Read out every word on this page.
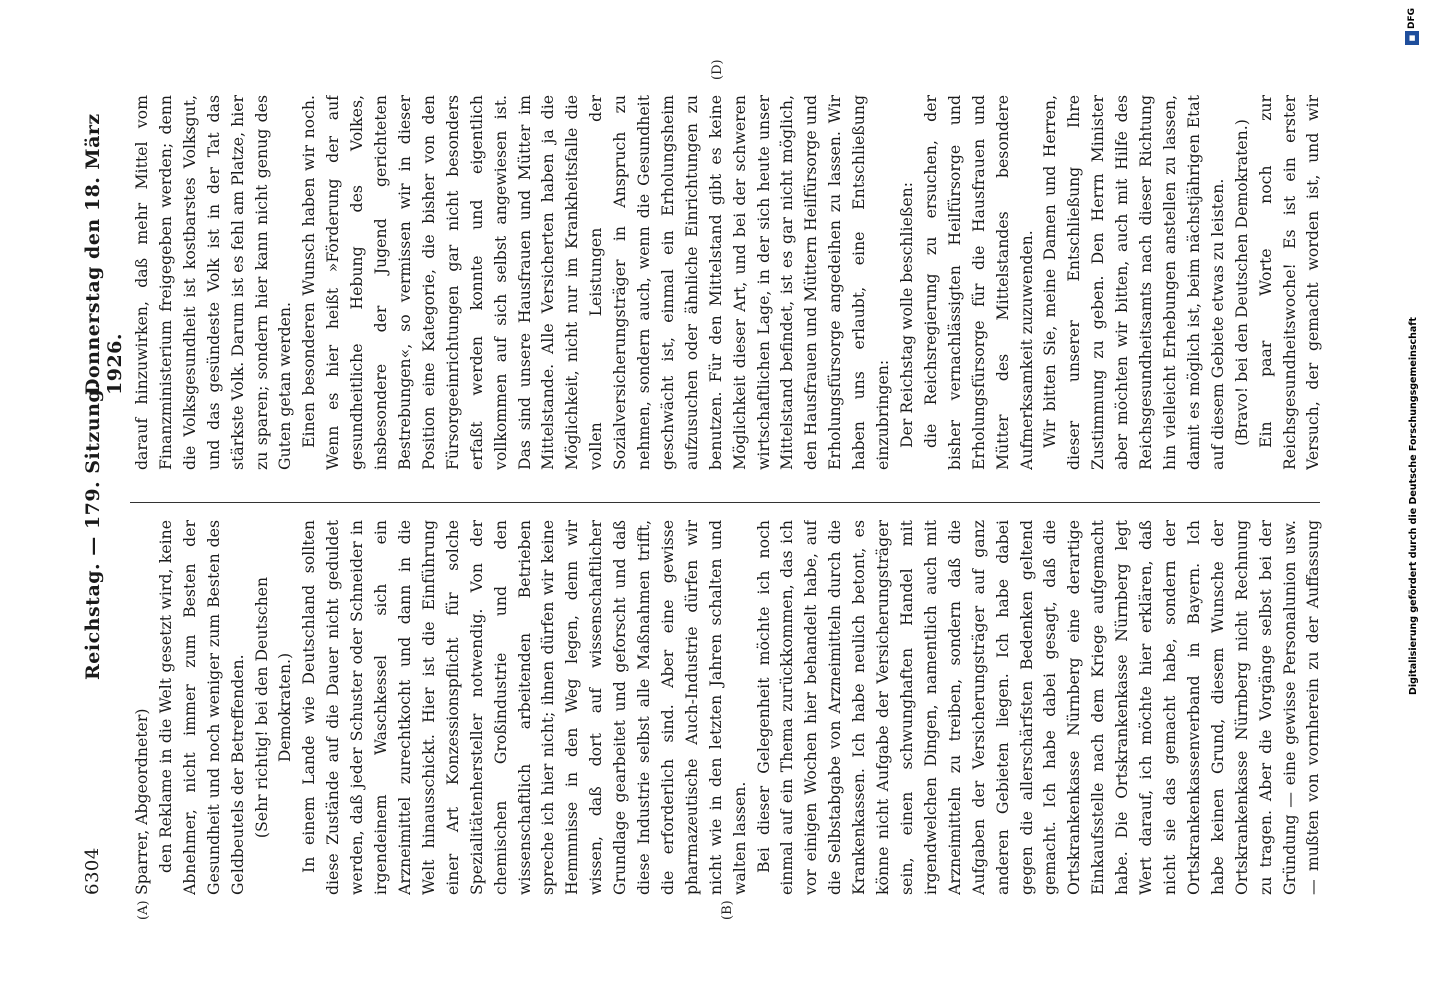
6304
Reichstag. — 179. Sitzung.
Donnerstag den 18. März 1926.
(A)	(B)
(D)

Sparrer, Abgeordneter) den Reklame in die Welt gesetzt wird, keine Abnehmer, nicht immer zum Besten der Gesundheit und noch weniger zum Besten des Geldbeutels der Betreffenden. (Sehr richtig! bei den Deutschen Demokraten.) In einem Lande wie Deutschland sollten diese Zustände auf die Dauer nicht geduldet werden, daß jeder Schuster oder Schneider in irgendeinem Waschkessel sich ein Arzneimittel zurechtkocht und dann in die Welt hinausschickt. Hier ist die Einführung einer Art Konzessionspflicht für solche Spezialitätenhersteller notwendig. Von der chemischen Großindustrie und den wissenschaftlich arbeitenden Betrieben spreche ich hier nicht; ihnen dürfen wir keine Hemmnisse in den Weg legen, denn wir wissen, daß dort auf wissenschaftlicher Grundlage gearbeitet und geforscht und daß diese Industrie selbst alle Maßnahmen trifft, die erforderlich sind. Aber eine gewisse pharmazeutische Auch-Industrie dürfen wir nicht wie in den letzten Jahren schalten und walten lassen. Bei dieser Gelegenheit möchte ich noch einmal auf ein Thema zurückkommen, das ich vor einigen Wochen hier behandelt habe, auf die Selbstabgabe von Arzneimitteln durch die Krankenkassen. Ich habe neulich betont, es könne nicht Aufgabe der Versicherungsträger sein, einen schwunghaften Handel mit irgendwelchen Dingen, namentlich auch mit Arzneimitteln zu treiben, sondern daß die Aufgaben der Versicherungsträger auf ganz anderen Gebieten liegen. Ich habe dabei gegen die allerschärfsten Bedenken geltend gemacht. Ich habe dabei gesagt, daß die Ortskrankenkasse Nürnberg eine derartige Einkaufsstelle nach dem Kriege aufgemacht habe. Die Ortskrankenkasse Nürnberg legt Wert darauf, ich möchte hier erklären, daß nicht sie das gemacht habe, sondern der Ortskrankenkassenverband in Bayern. Ich habe keinen Grund, diesem Wunsche der Ortskrankenkasse Nürnberg nicht Rechnung zu tragen. Aber die Vorgänge selbst bei der Gründung — eine gewisse Personalunion usw. — mußten von vornherein zu der Auffassung

darauf hinzuwirken, daß mehr Mittel vom Finanzministerium freigegeben werden; denn die Volksgesundheit ist kostbarstes Volksgut, und das gesündeste Volk ist in der Tat das stärkste Volk. Darum ist es fehl am Platze, hier zu sparen; sondern hier kann nicht genug des Guten getan werden. Einen besonderen Wunsch haben wir noch. Wenn es hier heißt »Förderung der auf gesundheitliche Hebung des Volkes, insbesondere der Jugend gerichteten Bestrebungen«, so vermissen wir in dieser Position eine Kategorie, die bisher von den Fürsorgeeinrichtungen gar nicht besonders erfaßt werden konnte und eigentlich vollkommen auf sich selbst angewiesen ist. Das sind unsere Hausfrauen und Mütter im Mittelstande. Alle Versicherten haben ja die Möglichkeit, nicht nur im Krankheitsfalle die vollen Leistungen der Sozialversicherungsträger in Anspruch zu nehmen, sondern auch, wenn die Gesundheit geschwächt ist, einmal ein Erholungsheim aufzusuchen oder ähnliche Einrichtungen zu benutzen. Für den Mittelstand gibt es keine Möglichkeit dieser Art, und bei der schweren wirtschaftlichen Lage, in der sich heute unser Mittelstand befindet, ist es gar nicht möglich, den Hausfrauen und Müttern Heilfürsorge und Erholungsfürsorge angedeihen zu lassen. Wir haben uns erlaubt, eine Entschließung einzubringen: Der Reichstag wolle beschließen: die Reichsregierung zu ersuchen, der bisher vernachlässigten Heilfürsorge und Erholungsfürsorge für die Hausfrauen und Mütter des Mittelstandes besondere Aufmerksamkeit zuzuwenden. Wir bitten Sie, meine Damen und Herren, dieser unserer Entschließung Ihre Zustimmung zu geben. Den Herrn Minister aber möchten wir bitten, auch mit Hilfe des Reichsgesundheitsamts nach dieser Richtung hin vielleicht Erhebungen anstellen zu lassen, damit es möglich ist, beim nächstjährigen Etat auf diesem Gebiete etwas zu leisten. (Bravo! bei den Deutschen Demokraten.) Ein paar Worte noch zur Reichsgesundheitswoche! Es ist ein erster Versuch, der gemacht worden ist, und wir

Digitalisierung gefördert durch die Deutsche Forschungsgemeinschaft
■
DFG
